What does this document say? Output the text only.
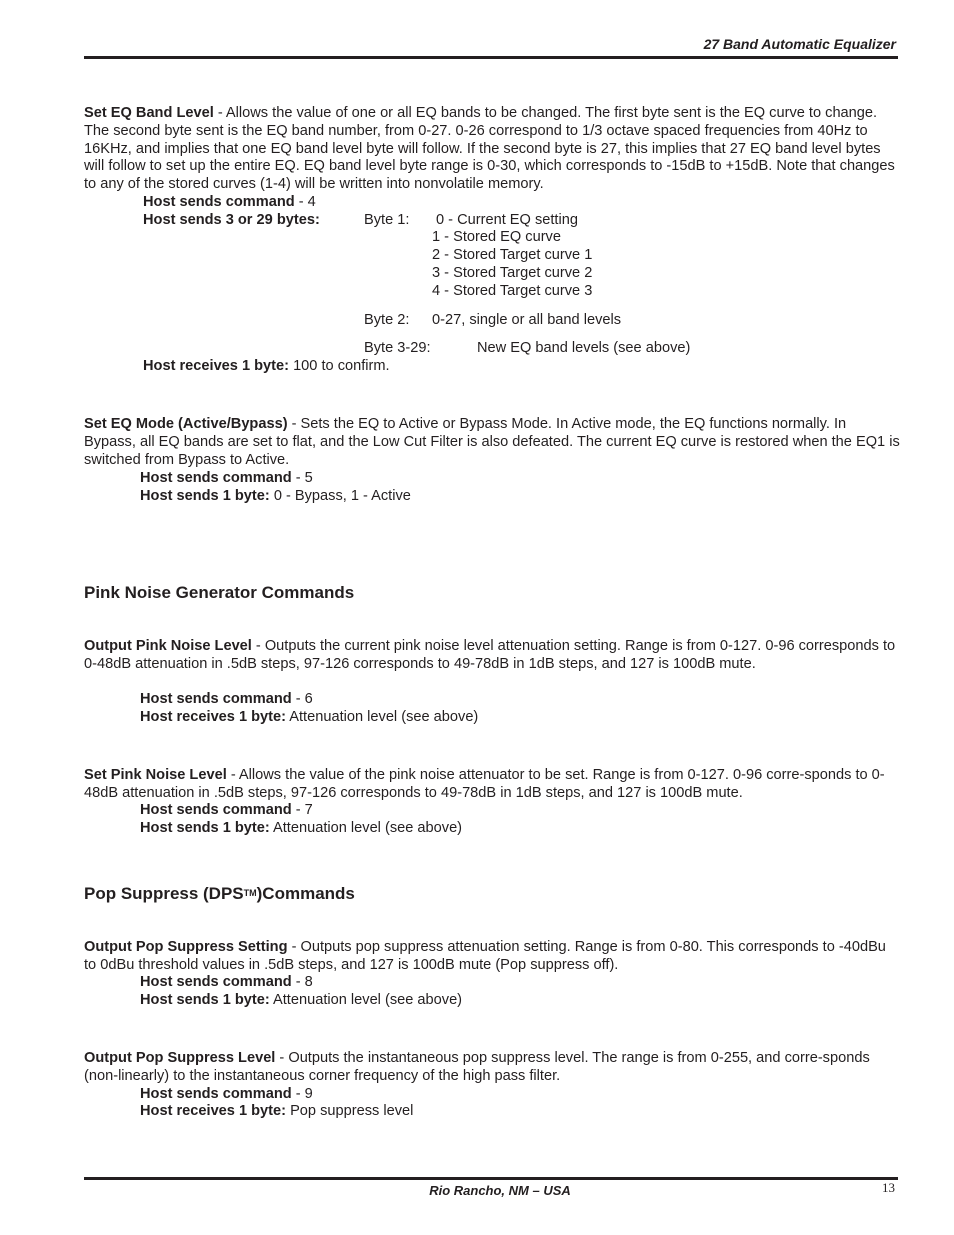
27 Band Automatic Equalizer
Set EQ Band Level - Allows the value of one or all EQ bands to be changed. The first byte sent is the EQ curve to change. The second byte sent is the EQ band number, from 0-27. 0-26 correspond to 1/3 octave spaced frequencies from 40Hz to 16KHz, and implies that one EQ band level byte will follow. If the second byte is 27, this implies that 27 EQ band level bytes will follow to set up the entire EQ. EQ band level byte range is 0-30, which corresponds to -15dB to +15dB. Note that changes to any of the stored curves (1-4) will be written into nonvolatile memory.
Host sends command - 4
Host sends 3 or 29 bytes:	Byte 1: 0 - Current EQ setting
1 - Stored EQ curve
2 - Stored Target curve 1
3 - Stored Target curve 2
4 - Stored Target curve 3
Byte 2: 0-27, single or all band levels
Byte 3-29:	New EQ band levels (see above)
Host receives 1 byte: 100 to confirm.
Set EQ Mode (Active/Bypass) - Sets the EQ to Active or Bypass Mode. In Active mode, the EQ functions normally. In Bypass, all EQ bands are set to flat, and the Low Cut Filter is also defeated. The current EQ curve is restored when the EQ1 is switched from Bypass to Active.
Host sends command - 5
Host sends 1 byte: 0 - Bypass, 1 - Active
Pink Noise Generator Commands
Output Pink Noise Level - Outputs the current pink noise level attenuation setting. Range is from 0-127. 0-96 corresponds to 0-48dB attenuation in .5dB steps, 97-126 corresponds to 49-78dB in 1dB steps, and 127 is 100dB mute.
Host sends command - 6
Host receives 1 byte: Attenuation level (see above)
Set Pink Noise Level - Allows the value of the pink noise attenuator to be set. Range is from 0-127. 0-96 corre-sponds to 0-48dB attenuation in .5dB steps, 97-126 corresponds to 49-78dB in 1dB steps, and 127 is 100dB mute.
Host sends command - 7
Host sends 1 byte: Attenuation level (see above)
Pop Suppress (DPS™)Commands
Output Pop Suppress Setting - Outputs pop suppress attenuation setting. Range is from 0-80. This corresponds to -40dBu to 0dBu threshold values in .5dB steps, and 127 is 100dB mute (Pop suppress off).
Host sends command - 8
Host sends 1 byte: Attenuation level (see above)
Output Pop Suppress Level - Outputs the instantaneous pop suppress level. The range is from 0-255, and corre-sponds (non-linearly) to the instantaneous corner frequency of the high pass filter.
Host sends command - 9
Host receives 1 byte: Pop suppress level
Rio Rancho, NM – USA	13
